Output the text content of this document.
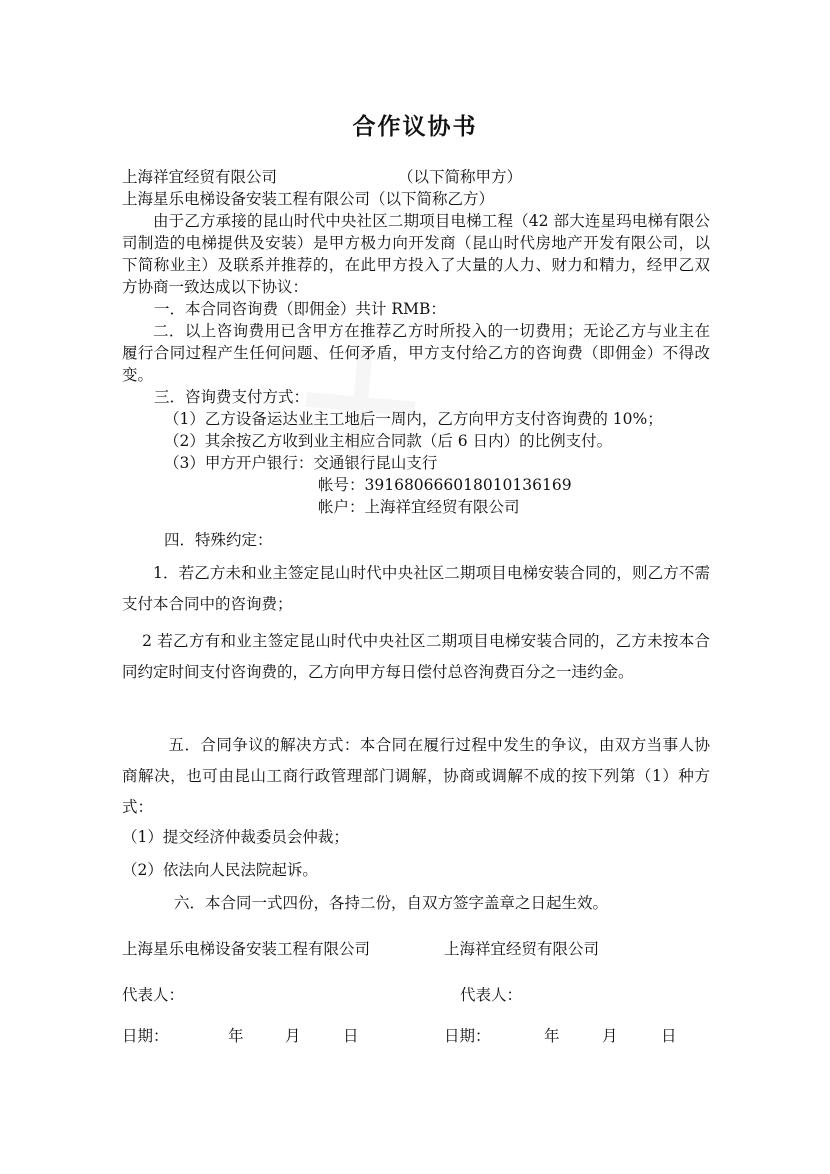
合作议协书
上海祥宜经贸有限公司	（以下简称甲方）
上海星乐电梯设备安装工程有限公司（以下简称乙方）
由于乙方承接的昆山时代中央社区二期项目电梯工程（42 部大连星玛电梯有限公司制造的电梯提供及安装）是甲方极力向开发商（昆山时代房地产开发有限公司，以下简称业主）及联系并推荐的，在此甲方投入了大量的人力、财力和精力，经甲乙双方协商一致达成以下协议：
一．本合同咨询费（即佣金）共计 RMB：
二．以上咨询费用已含甲方在推荐乙方时所投入的一切费用；无论乙方与业主在履行合同过程产生任何问题、任何矛盾，甲方支付给乙方的咨询费（即佣金）不得改变。
三．咨询费支付方式：
（1）乙方设备运达业主工地后一周内，乙方向甲方支付咨询费的 10%；
（2）其余按乙方收到业主相应合同款（后 6 日内）的比例支付。
（3）甲方开户银行：交通银行昆山支行
帐号：391680666018010136169
帐户：上海祥宜经贸有限公司
四．特殊约定：
1．若乙方未和业主签定昆山时代中央社区二期项目电梯安装合同的，则乙方不需支付本合同中的咨询费；
2 若乙方有和业主签定昆山时代中央社区二期项目电梯安装合同的，乙方未按本合同约定时间支付咨询费的，乙方向甲方每日偿付总咨洵费百分之一违约金。
五．合同争议的解决方式：本合同在履行过程中发生的争议，由双方当事人协商解决，也可由昆山工商行政管理部门调解，协商或调解不成的按下列第（1）种方式：
（1）提交经济仲裁委员会仲裁；
（2）依法向人民法院起诉。
六．本合同一式四份，各持二份，自双方签字盖章之日起生效。
上海星乐电梯设备安装工程有限公司	上海祥宜经贸有限公司
代表人：	代表人：
日期：	年	月	日	日期：	年	月	日
